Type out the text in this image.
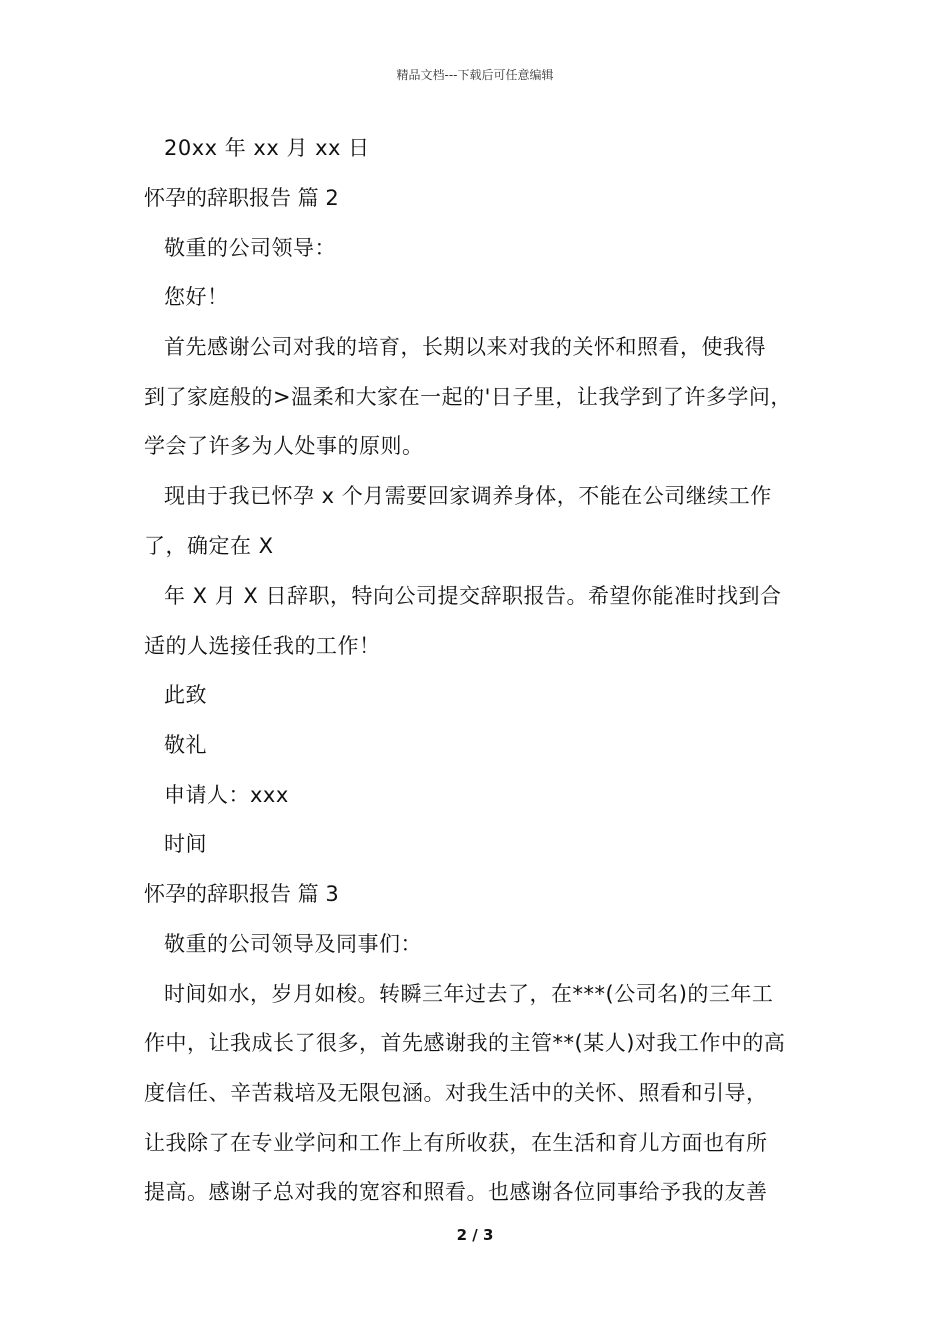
精品文档---下载后可任意编辑
20xx 年 xx 月 xx 日
怀孕的辞职报告 篇 2
敬重的公司领导：
您好！
首先感谢公司对我的培育，长期以来对我的关怀和照看，使我得
到了家庭般的>温柔和大家在一起的'日子里，让我学到了许多学问，
学会了许多为人处事的原则。
现由于我已怀孕 x 个月需要回家调养身体，不能在公司继续工作
了，确定在 X
年 X 月 X 日辞职，特向公司提交辞职报告。希望你能准时找到合
适的人选接任我的工作！
此致
敬礼
申请人：xxx
时间
怀孕的辞职报告 篇 3
敬重的公司领导及同事们：
时间如水，岁月如梭。转瞬三年过去了，在***(公司名)的三年工
作中，让我成长了很多，首先感谢我的主管**(某人)对我工作中的高
度信任、辛苦栽培及无限包涵。对我生活中的关怀、照看和引导，
让我除了在专业学问和工作上有所收获，在生活和育儿方面也有所
提高。感谢子总对我的宽容和照看。也感谢各位同事给予我的友善
2 / 3
